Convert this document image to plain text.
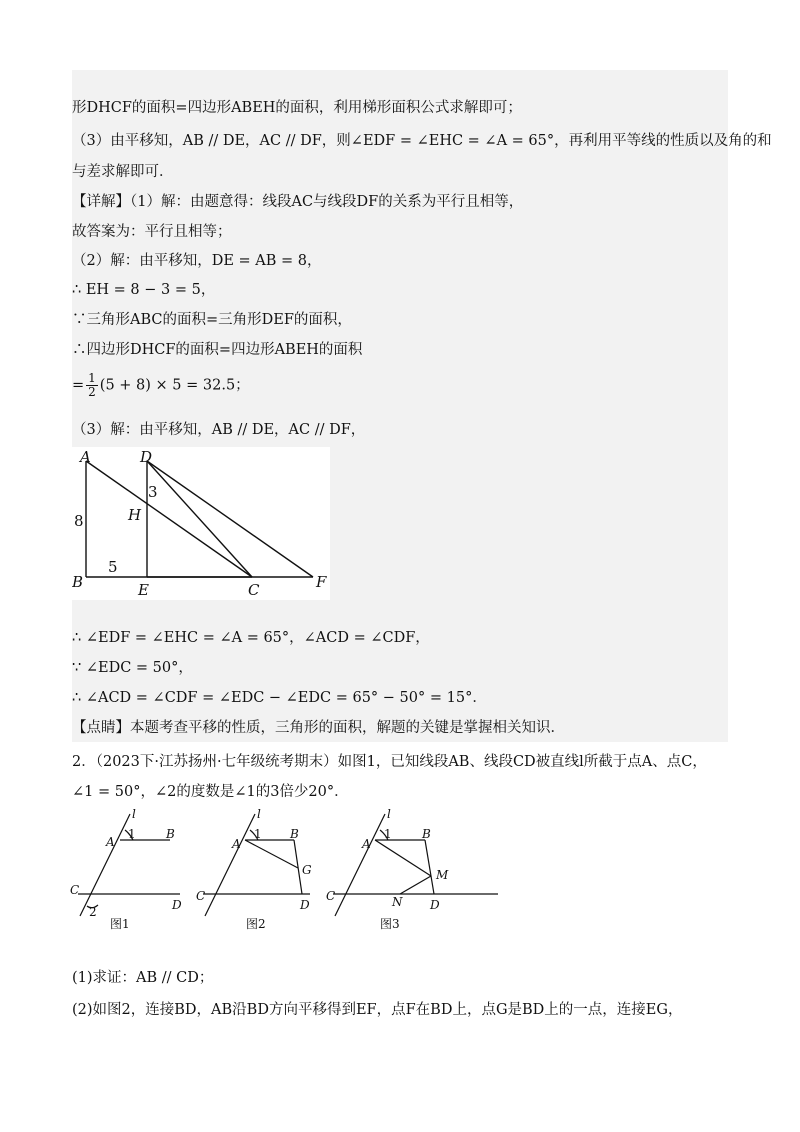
形DHCF的面积=四边形ABEH的面积，利用梯形面积公式求解即可；
（3）由平移知，AB // DE，AC // DF，则∠EDF = ∠EHC = ∠A = 65°，再利用平等线的性质以及角的和
与差求解即可．
【详解】（1）解：由题意得：线段AC与线段DF的关系为平行且相等，
故答案为：平行且相等；
（2）解：由平移知，DE = AB = 8，
∴ EH = 8 − 3 = 5，
∵三角形ABC的面积=三角形DEF的面积，
∴四边形DHCF的面积=四边形ABEH的面积
= $\frac{1}{2} (5 + 8) \times 5 = 32.5$；
（3）解：由平移知，AB // DE，AC // DF，
A	D
H
B	E	C	F
8
5
3
∴ ∠EDF = ∠EHC = ∠A = 65°，∠ACD = ∠CDF，
∵ ∠EDC = 50°，
∴ ∠ACD = ∠CDF = ∠EDC − ∠EDC = 65° − 50° = 15°．
【点睛】本题考查平移的性质，三角形的面积，解题的关键是掌握相关知识．
2．（2023下·江苏扬州·七年级统考期末）如图1，已知线段AB、线段CD被直线l所截于点A、点C，
∠1 = 50°，∠2的度数是∠1的3倍少20°．
l
A
1	B
C
2	D
图1
l
A
1 B
G
C
D
图2
l
A
1	B
M
N
C
D
图3
(1)求证：AB // CD；
(2)如图2，连接BD，AB沿BD方向平移得到EF，点F在BD上，点G是BD上的一点，连接EG，
